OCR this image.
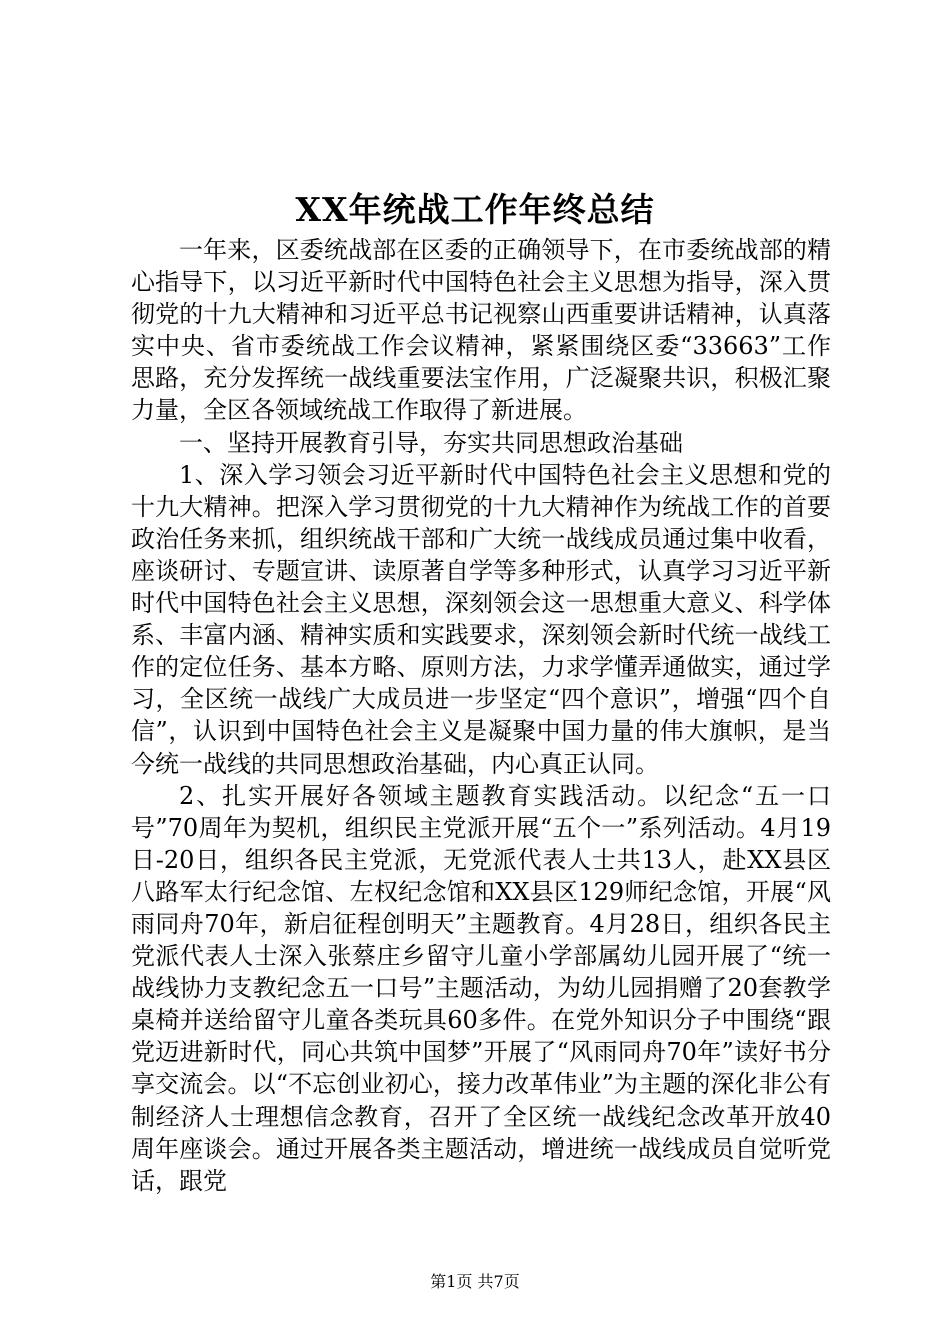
XX年统战工作年终总结

一年来，区委统战部在区委的正确领导下，在市委统战部的精心指导下，以习近平新时代中国特色社会主义思想为指导，深入贯彻党的十九大精神和习近平总书记视察山西重要讲话精神，认真落实中央、省市委统战工作会议精神，紧紧围绕区委“33663”工作思路，充分发挥统一战线重要法宝作用，广泛凝聚共识，积极汇聚力量，全区各领域统战工作取得了新进展。

一、坚持开展教育引导，夯实共同思想政治基础

1、深入学习领会习近平新时代中国特色社会主义思想和党的十九大精神。把深入学习贯彻党的十九大精神作为统战工作的首要政治任务来抓，组织统战干部和广大统一战线成员通过集中收看，座谈研讨、专题宣讲、读原著自学等多种形式，认真学习习近平新时代中国特色社会主义思想，深刻领会这一思想重大意义、科学体系、丰富内涵、精神实质和实践要求，深刻领会新时代统一战线工作的定位任务、基本方略、原则方法，力求学懂弄通做实，通过学习，全区统一战线广大成员进一步坚定“四个意识”，增强“四个自信”，认识到中国特色社会主义是凝聚中国力量的伟大旗帜，是当今统一战线的共同思想政治基础，内心真正认同。

2、扎实开展好各领域主题教育实践活动。以纪念“五一口号”70周年为契机，组织民主党派开展“五个一”系列活动。4月19日-20日，组织各民主党派，无党派代表人士共13人，赴XX县区八路军太行纪念馆、左权纪念馆和XX县区129师纪念馆，开展“风雨同舟70年，新启征程创明天”主题教育。4月28日，组织各民主党派代表人士深入张蔡庄乡留守儿童小学部属幼儿园开展了“统一战线协力支教纪念五一口号”主题活动，为幼儿园捐赠了20套教学桌椅并送给留守儿童各类玩具60多件。在党外知识分子中围绕“跟党迈进新时代，同心共筑中国梦”开展了“风雨同舟70年”读好书分享交流会。以“不忘创业初心，接力改革伟业”为主题的深化非公有制经济人士理想信念教育，召开了全区统一战线纪念改革开放40周年座谈会。通过开展各类主题活动，增进统一战线成员自觉听党话，跟党

第1页 共7页
